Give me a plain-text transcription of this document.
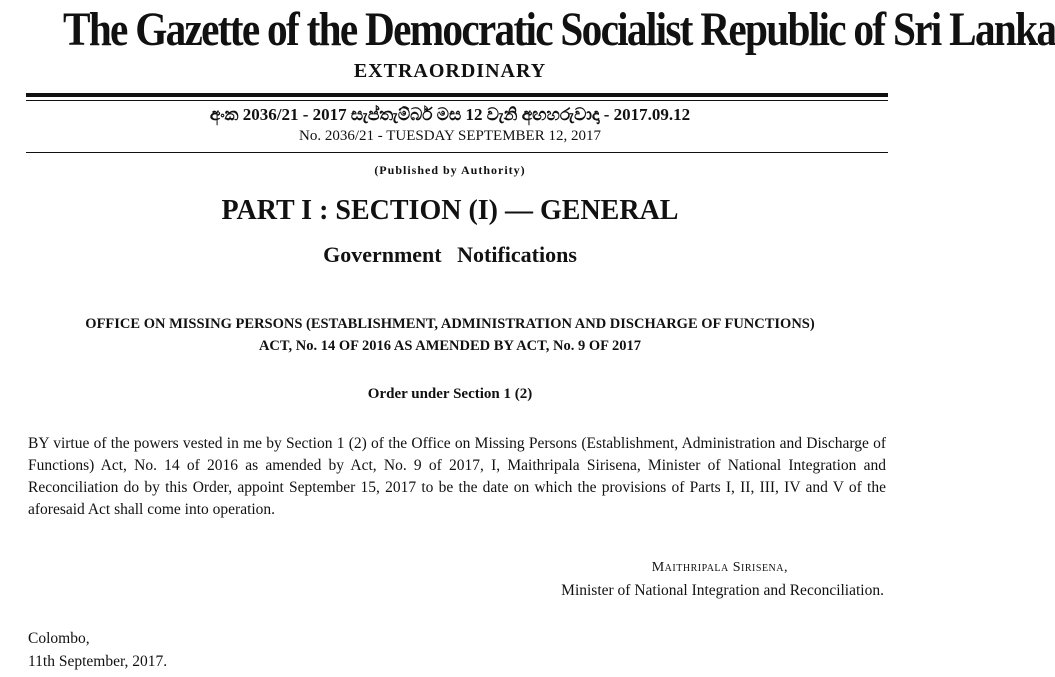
The Gazette of the Democratic Socialist Republic of Sri Lanka
EXTRAORDINARY
අංක 2036/21 - 2017 සැප්තැම්බර් මස 12 වැනි අඟහරුවාදා - 2017.09.12
No. 2036/21 - TUESDAY SEPTEMBER 12, 2017
(Published by Authority)
PART I : SECTION (I) — GENERAL
Government Notifications
OFFICE ON MISSING PERSONS (ESTABLISHMENT, ADMINISTRATION AND DISCHARGE OF FUNCTIONS)
ACT, No. 14 OF 2016 AS AMENDED BY ACT, No. 9 OF 2017
Order under Section 1 (2)
BY virtue of the powers vested in me by Section 1 (2) of the Office on Missing Persons (Establishment, Administration and Discharge of Functions) Act, No. 14 of 2016 as amended by Act, No. 9 of 2017, I, Maithripala Sirisena, Minister of National Integration and Reconciliation do by this Order, appoint September 15, 2017 to be the date on which the provisions of Parts I, II, III, IV and V of the aforesaid Act shall come into operation.
Maithripala Sirisena,
Minister of National Integration and Reconciliation.
Colombo,
11th September, 2017.
